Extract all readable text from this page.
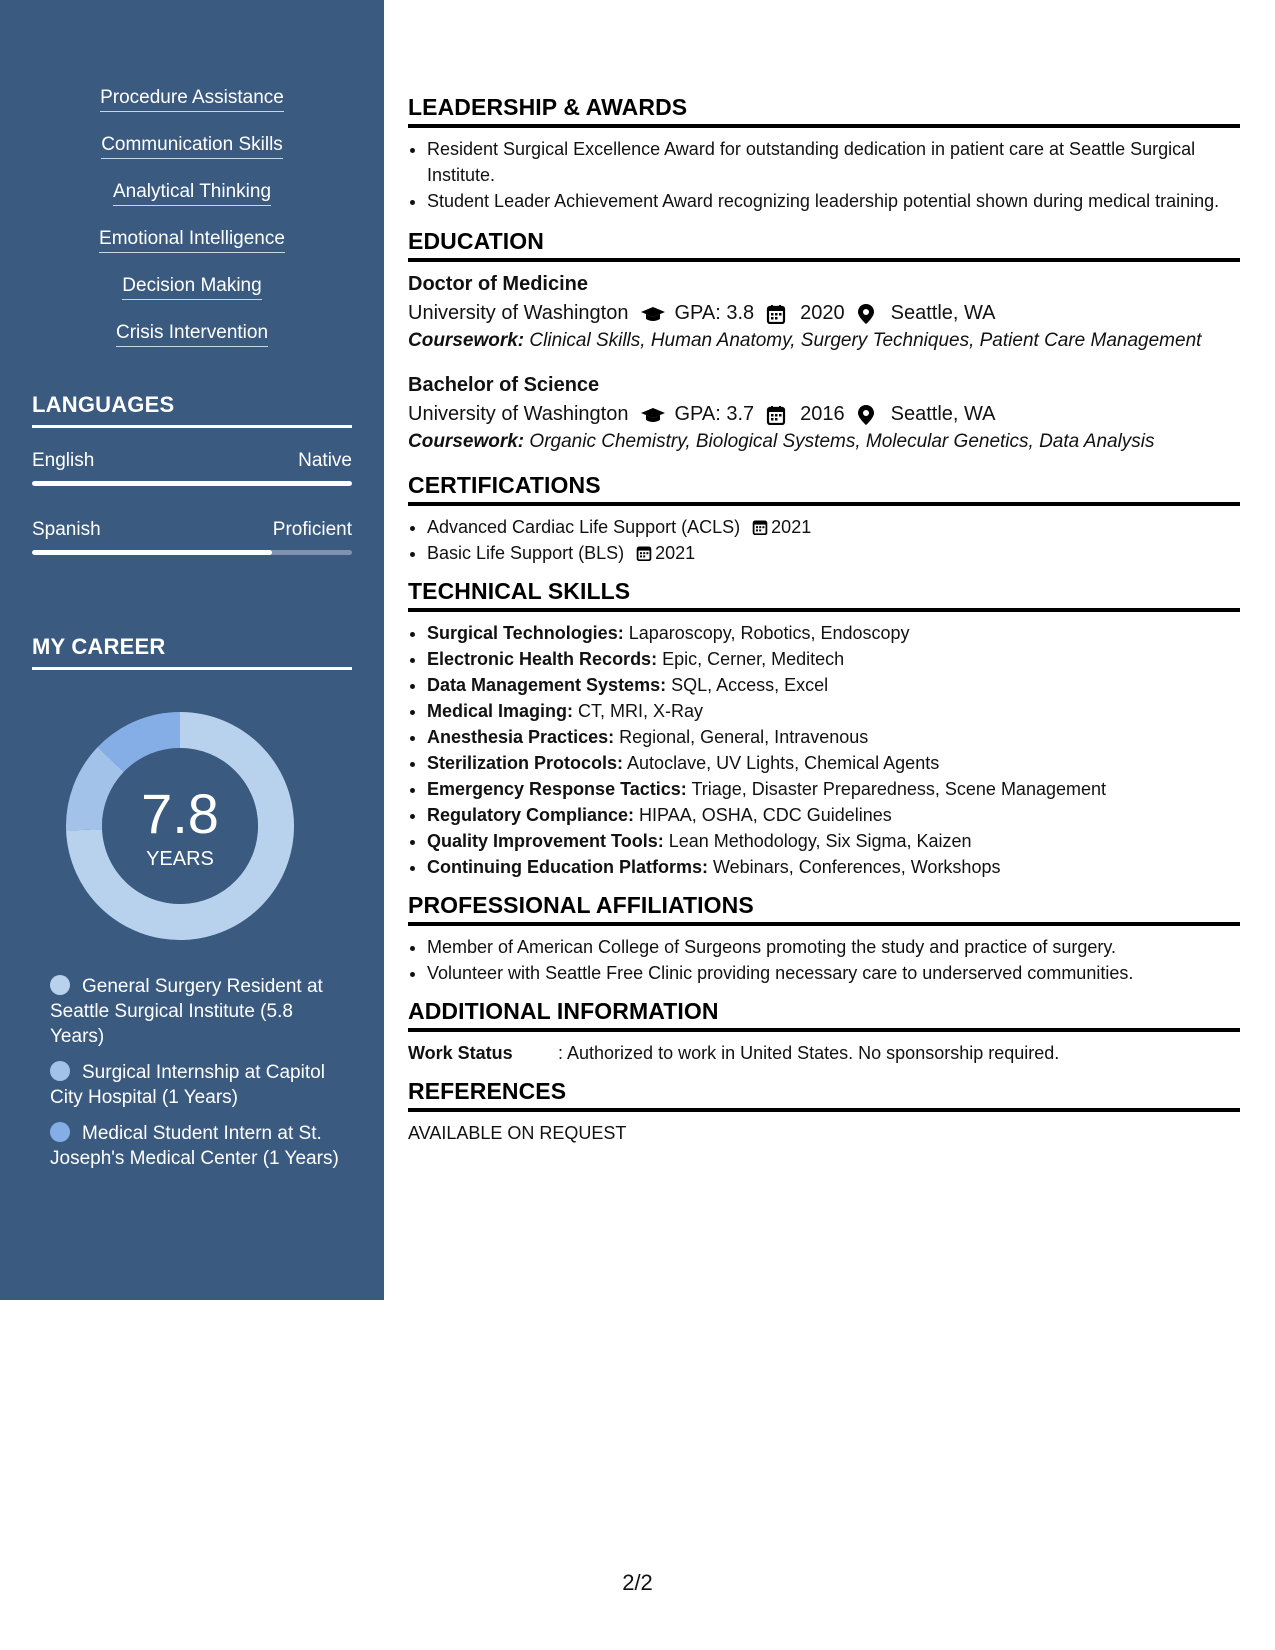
Procedure Assistance
Communication Skills
Analytical Thinking
Emotional Intelligence
Decision Making
Crisis Intervention
LANGUAGES
English	Native
Spanish	Proficient
MY CAREER
7.8
YEARS
General Surgery Resident at Seattle Surgical Institute (5.8 Years)
Surgical Internship at Capitol City Hospital (1 Years)
Medical Student Intern at St. Joseph's Medical Center (1 Years)
LEADERSHIP & AWARDS
• Resident Surgical Excellence Award for outstanding dedication in patient care at Seattle Surgical Institute.
• Student Leader Achievement Award recognizing leadership potential shown during medical training.
EDUCATION
Doctor of Medicine
University of Washington GPA: 3.8 2020 Seattle, WA
Coursework: Clinical Skills, Human Anatomy, Surgery Techniques, Patient Care Management
Bachelor of Science
University of Washington GPA: 3.7 2016 Seattle, WA
Coursework: Organic Chemistry, Biological Systems, Molecular Genetics, Data Analysis
CERTIFICATIONS
• Advanced Cardiac Life Support (ACLS) 2021
• Basic Life Support (BLS) 2021
TECHNICAL SKILLS
• Surgical Technologies: Laparoscopy, Robotics, Endoscopy
• Electronic Health Records: Epic, Cerner, Meditech
• Data Management Systems: SQL, Access, Excel
• Medical Imaging: CT, MRI, X-Ray
• Anesthesia Practices: Regional, General, Intravenous
• Sterilization Protocols: Autoclave, UV Lights, Chemical Agents
• Emergency Response Tactics: Triage, Disaster Preparedness, Scene Management
• Regulatory Compliance: HIPAA, OSHA, CDC Guidelines
• Quality Improvement Tools: Lean Methodology, Six Sigma, Kaizen
• Continuing Education Platforms: Webinars, Conferences, Workshops
PROFESSIONAL AFFILIATIONS
• Member of American College of Surgeons promoting the study and practice of surgery.
• Volunteer with Seattle Free Clinic providing necessary care to underserved communities.
ADDITIONAL INFORMATION
Work Status	: Authorized to work in United States. No sponsorship required.
REFERENCES
AVAILABLE ON REQUEST
2/2
